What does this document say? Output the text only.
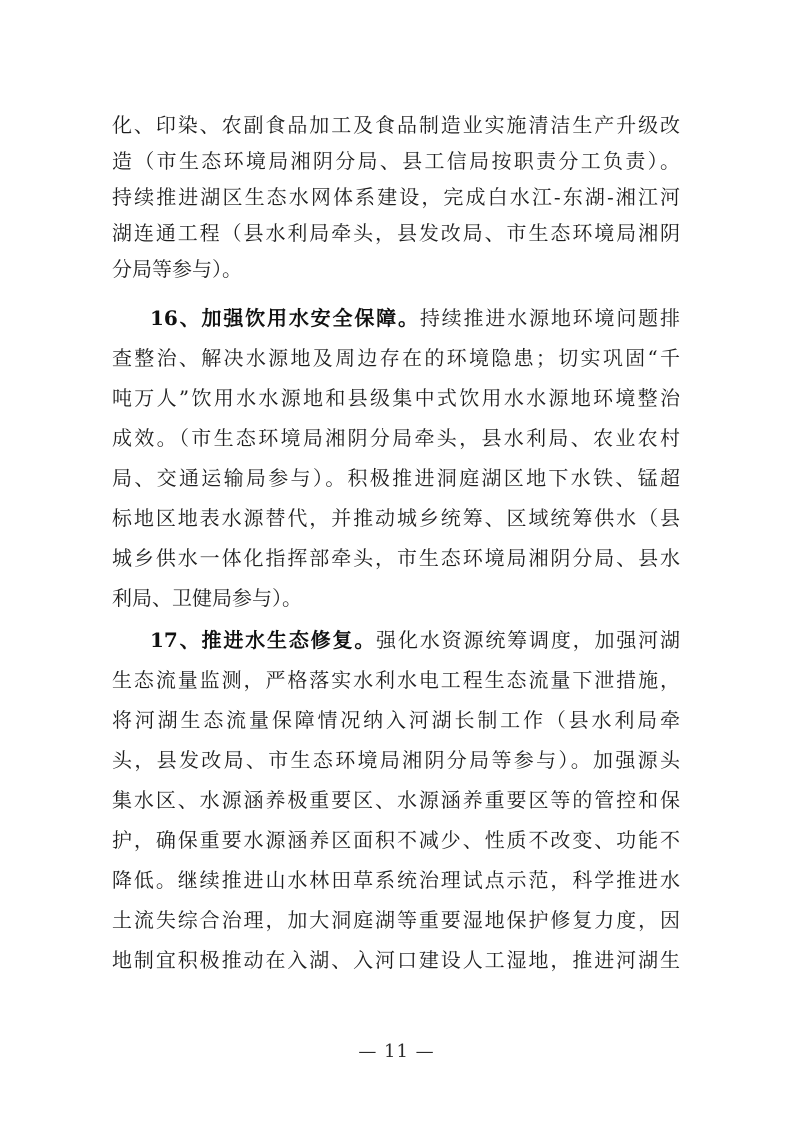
化、印染、农副食品加工及食品制造业实施清洁生产升级改
造（市生态环境局湘阴分局、县工信局按职责分工负责）。
持续推进湖区生态水网体系建设，完成白水江-东湖-湘江河
湖连通工程（县水利局牵头，县发改局、市生态环境局湘阴
分局等参与）。
16、加强饮用水安全保障。持续推进水源地环境问题排
查整治、解决水源地及周边存在的环境隐患；切实巩固“千
吨万人”饮用水水源地和县级集中式饮用水水源地环境整治
成效。（市生态环境局湘阴分局牵头，县水利局、农业农村
局、交通运输局参与）。积极推进洞庭湖区地下水铁、锰超
标地区地表水源替代，并推动城乡统筹、区域统筹供水（县
城乡供水一体化指挥部牵头，市生态环境局湘阴分局、县水
利局、卫健局参与）。
17、推进水生态修复。强化水资源统筹调度，加强河湖
生态流量监测，严格落实水利水电工程生态流量下泄措施，
将河湖生态流量保障情况纳入河湖长制工作（县水利局牵
头，县发改局、市生态环境局湘阴分局等参与）。加强源头
集水区、水源涵养极重要区、水源涵养重要区等的管控和保
护，确保重要水源涵养区面积不减少、性质不改变、功能不
降低。继续推进山水林田草系统治理试点示范，科学推进水
土流失综合治理，加大洞庭湖等重要湿地保护修复力度，因
地制宜积极推动在入湖、入河口建设人工湿地，推进河湖生
— 11 —
